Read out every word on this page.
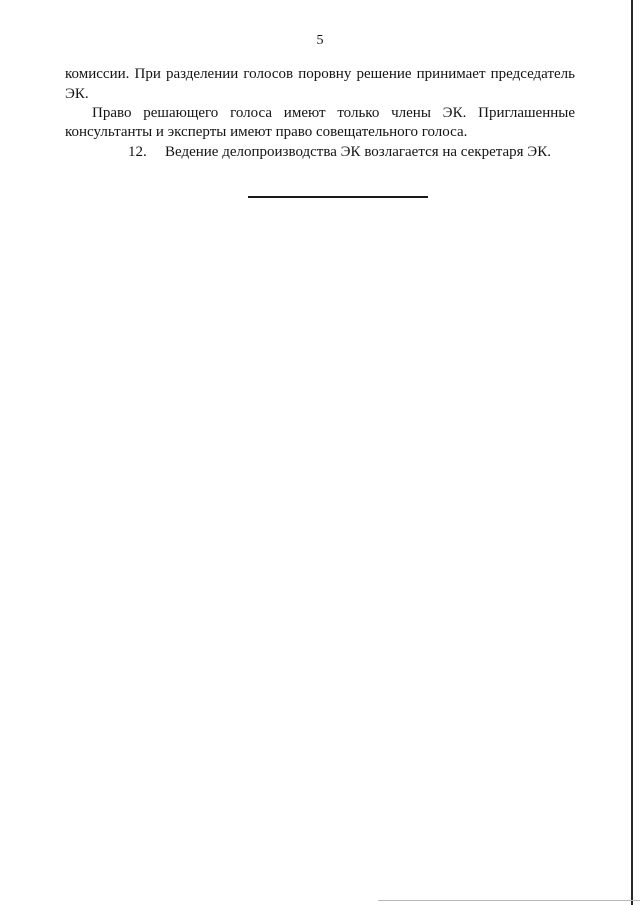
5
комиссии. При разделении голосов поровну решение принимает председатель
ЭК.
Право решающего голоса имеют только члены ЭК. Приглашенные
консультанты и эксперты имеют право совещательного голоса.
12. Ведение делопроизводства ЭК возлагается на секретаря ЭК.
